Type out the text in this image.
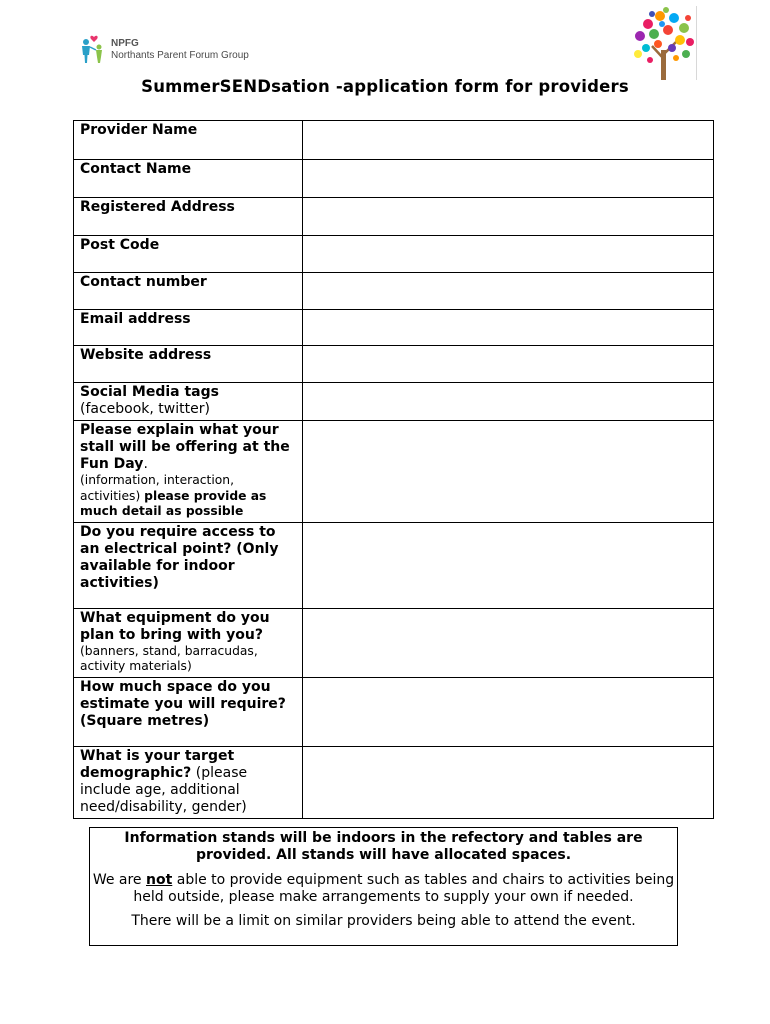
NPFG
Northants Parent Forum Group
SummerSENDsation -application form for providers
Provider Name	
Contact Name	
Registered Address	
Post Code	
Contact number	
Email address	
Website address	

Social Media tags
(facebook, twitter)	

Please explain what your stall will be offering at the Fun Day.
(information, interaction, activities) please provide as much detail as possible	

Do you require access to an electrical point? (Only available for indoor activities)	

What equipment do you plan to bring with you?
(banners, stand, barracudas, activity materials)	

How much space do you estimate you will require?(Square metres)	
What is your target demographic? (please include age, additional need/disability, gender)	
Information stands will be indoors in the refectory and tables are provided. All stands will have allocated spaces.
We are not able to provide equipment such as tables and chairs to activities being held outside, please make arrangements to supply your own if needed.
There will be a limit on similar providers being able to attend the event.
